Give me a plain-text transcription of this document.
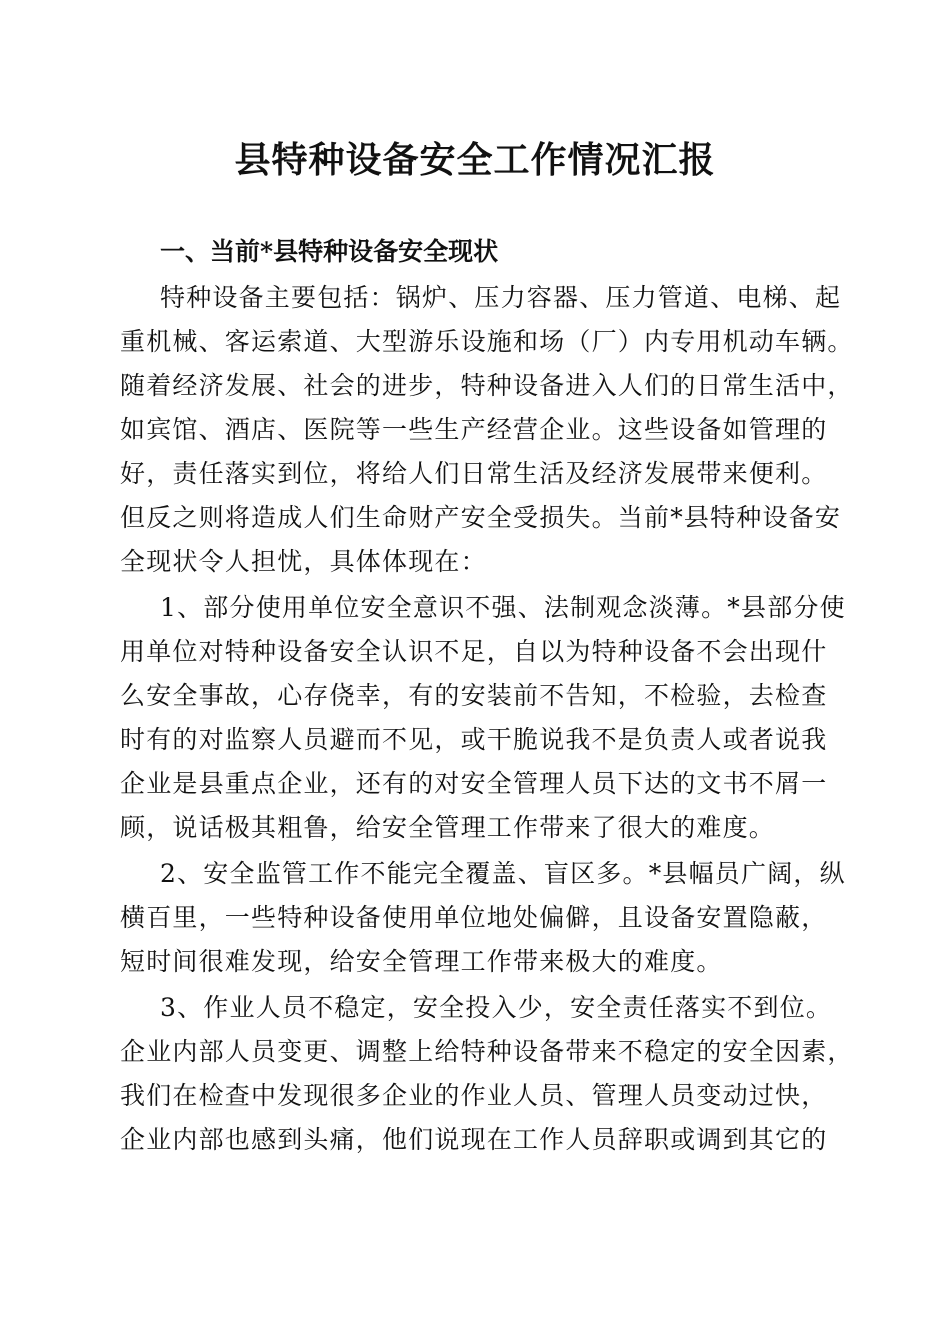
县特种设备安全工作情况汇报
一、当前*县特种设备安全现状
特种设备主要包括：锅炉、压力容器、压力管道、电梯、起
重机械、客运索道、大型游乐设施和场（厂）内专用机动车辆。
随着经济发展、社会的进步，特种设备进入人们的日常生活中，
如宾馆、酒店、医院等一些生产经营企业。这些设备如管理的
好，责任落实到位，将给人们日常生活及经济发展带来便利。
但反之则将造成人们生命财产安全受损失。当前*县特种设备安
全现状令人担忧，具体体现在：
1、部分使用单位安全意识不强、法制观念淡薄。*县部分使
用单位对特种设备安全认识不足，自以为特种设备不会出现什
么安全事故，心存侥幸，有的安装前不告知，不检验，去检查
时有的对监察人员避而不见，或干脆说我不是负责人或者说我
企业是县重点企业，还有的对安全管理人员下达的文书不屑一
顾，说话极其粗鲁，给安全管理工作带来了很大的难度。
2、安全监管工作不能完全覆盖、盲区多。*县幅员广阔，纵
横百里，一些特种设备使用单位地处偏僻，且设备安置隐蔽，
短时间很难发现，给安全管理工作带来极大的难度。
3、作业人员不稳定，安全投入少，安全责任落实不到位。
企业内部人员变更、调整上给特种设备带来不稳定的安全因素，
我们在检查中发现很多企业的作业人员、管理人员变动过快，
企业内部也感到头痛，他们说现在工作人员辞职或调到其它的
